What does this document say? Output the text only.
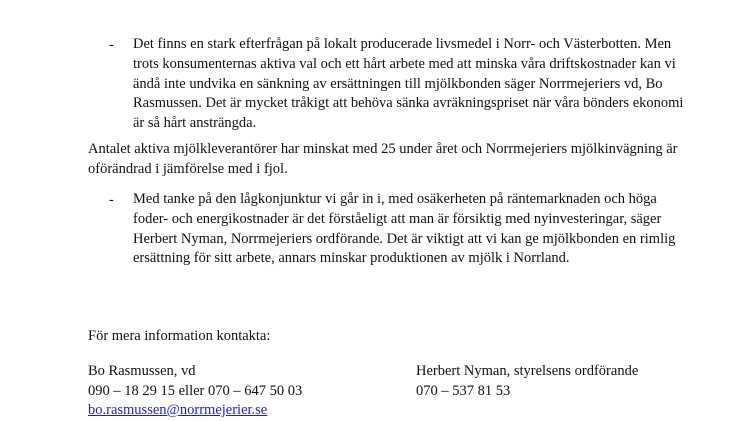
- Det finns en stark efterfrågan på lokalt producerade livsmedel i Norr- och Västerbotten. Men
trots konsumenternas aktiva val och ett hårt arbete med att minska våra driftskostnader kan vi
ändå inte undvika en sänkning av ersättningen till mjölkbonden säger Norrmejeriers vd, Bo
Rasmussen. Det är mycket tråkigt att behöva sänka avräkningspriset när våra bönders ekonomi
är så hårt ansträngda.
Antalet aktiva mjölkleverantörer har minskat med 25 under året och Norrmejeriers mjölkinvägning är
oförändrad i jämförelse med i fjol.
- Med tanke på den lågkonjunktur vi går in i, med osäkerheten på räntemarknaden och höga
foder- och energikostnader är det förståeligt att man är försiktig med nyinvesteringar, säger
Herbert Nyman, Norrmejeriers ordförande. Det är viktigt att vi kan ge mjölkbonden en rimlig
ersättning för sitt arbete, annars minskar produktionen av mjölk i Norrland.
För mera information kontakta:
Bo Rasmussen, vd
090 – 18 29 15 eller 070 – 647 50 03
bo.rasmussen@norrmejerier.se
Herbert Nyman, styrelsens ordförande
070 – 537 81 53
